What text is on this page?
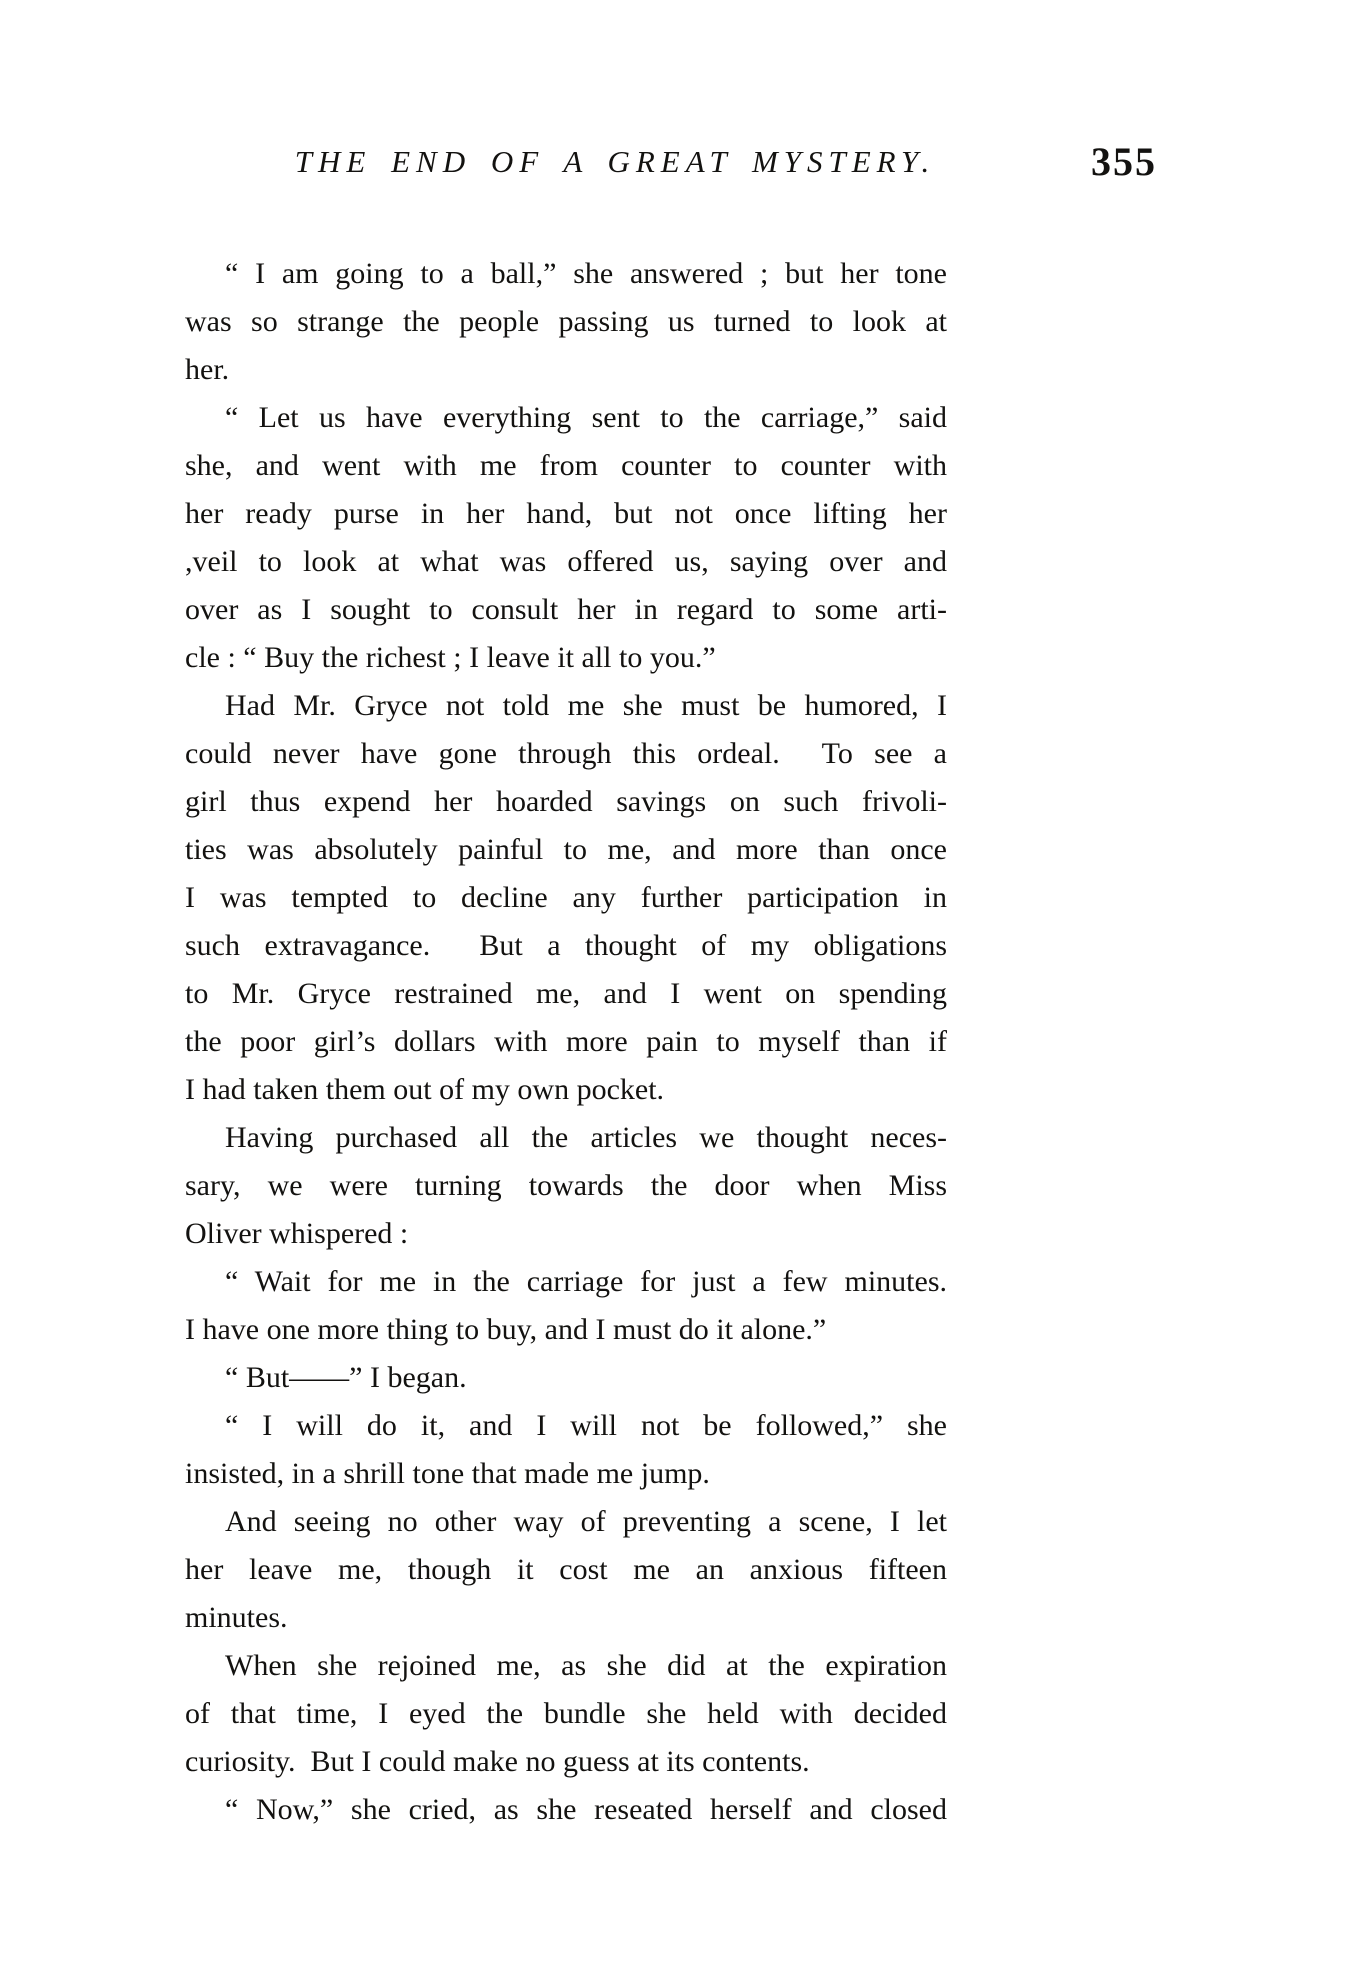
THE END OF A GREAT MYSTERY.	355
“ I am going to a ball,” she answered ; but her tone
was so strange the people passing us turned to look at
her.
“ Let us have everything sent to the carriage,” said
she, and went with me from counter to counter with
her ready purse in her hand, but not once lifting her
,veil to look at what was offered us, saying over and
over as I sought to consult her in regard to some arti-
cle : “ Buy the richest ; I leave it all to you.”
Had Mr. Gryce not told me she must be humored, I
could never have gone through this ordeal.  To see a
girl thus expend her hoarded savings on such frivoli-
ties was absolutely painful to me, and more than once
I was tempted to decline any further participation in
such extravagance.  But a thought of my obligations
to Mr. Gryce restrained me, and I went on spending
the poor girl’s dollars with more pain to myself than if
I had taken them out of my own pocket.
Having purchased all the articles we thought neces-
sary, we were turning towards the door when Miss
Oliver whispered :
“ Wait for me in the carriage for just a few minutes.
I have one more thing to buy, and I must do it alone.”
“ But——” I began.
“ I will do it, and I will not be followed,” she
insisted, in a shrill tone that made me jump.
And seeing no other way of preventing a scene, I let
her leave me, though it cost me an anxious fifteen
minutes.
When she rejoined me, as she did at the expiration
of that time, I eyed the bundle she held with decided
curiosity.  But I could make no guess at its contents.
“ Now,” she cried, as she reseated herself and closed
